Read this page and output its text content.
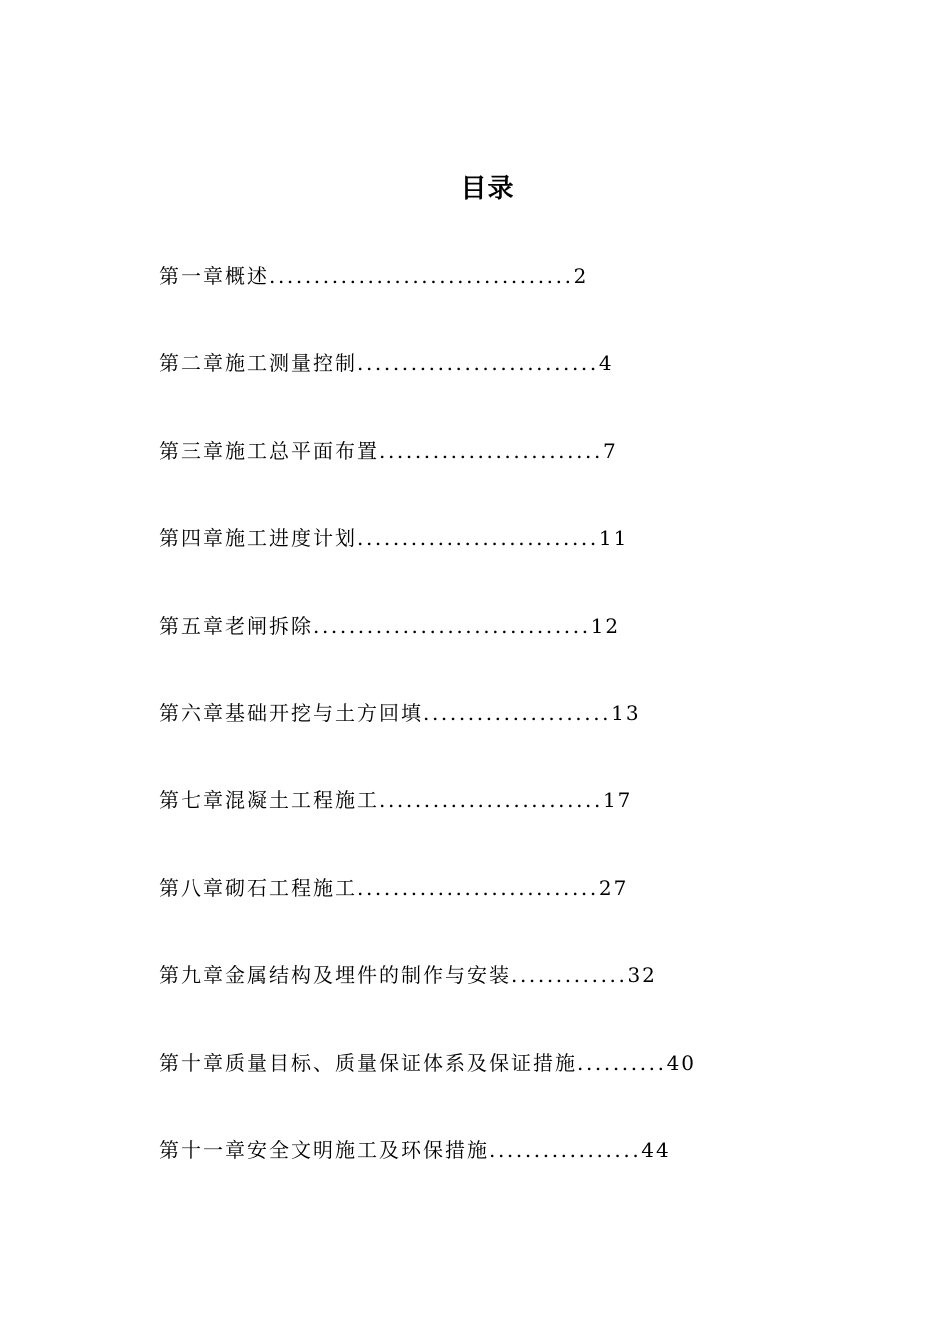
目录
第一章概述..................................2
第二章施工测量控制...........................4
第三章施工总平面布置.........................7
第四章施工进度计划...........................11
第五章老闸拆除...............................12
第六章基础开挖与土方回填.....................13
第七章混凝土工程施工.........................17
第八章砌石工程施工...........................27
第九章金属结构及埋件的制作与安装.............32
第十章质量目标、质量保证体系及保证措施..........40
第十一章安全文明施工及环保措施.................44
